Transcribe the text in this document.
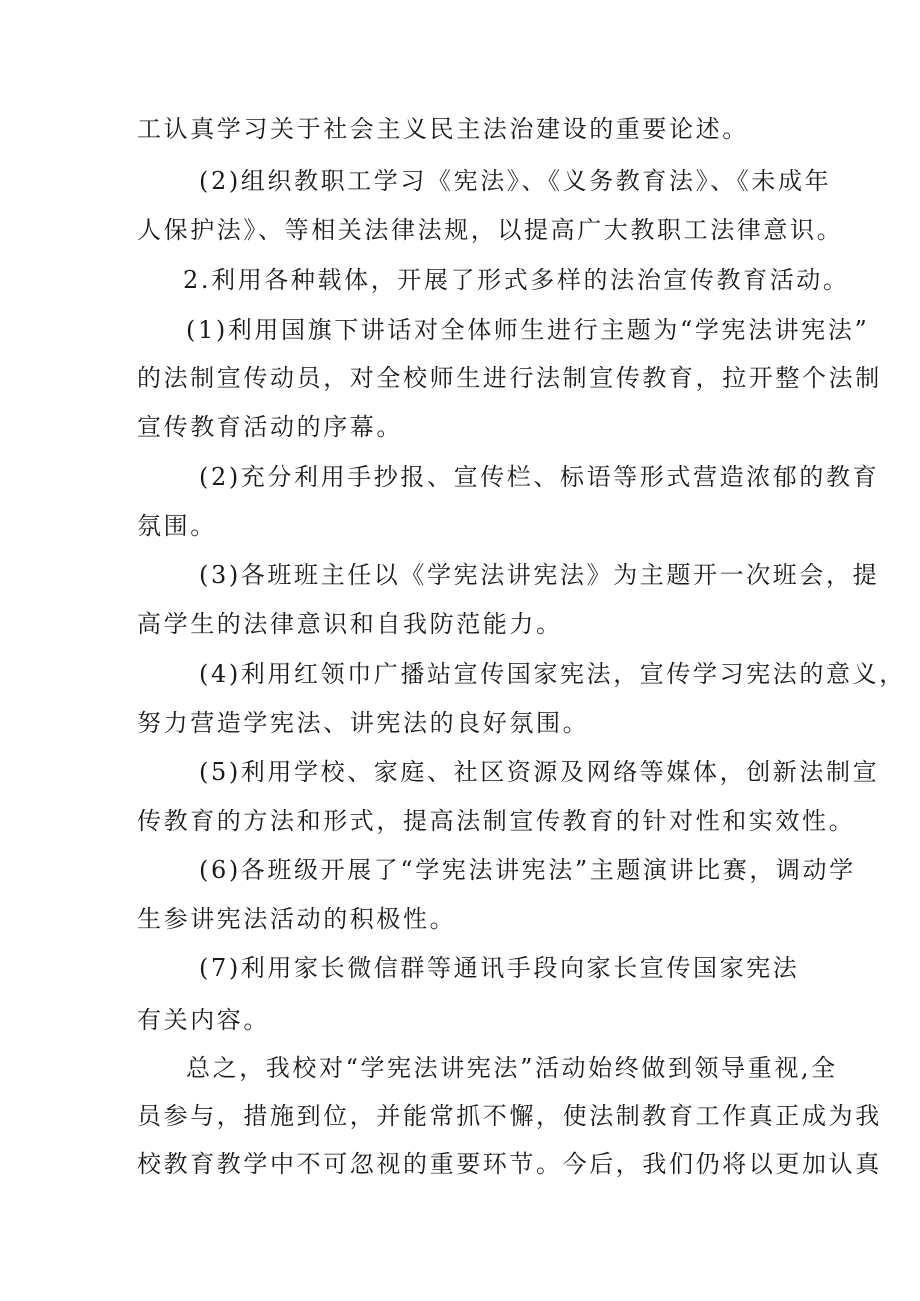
工认真学习关于社会主义民主法治建设的重要论述。
(2)组织教职工学习《宪法》、《义务教育法》、《未成年
人保护法》、等相关法律法规，以提高广大教职工法律意识。
2.利用各种载体，开展了形式多样的法治宣传教育活动。
(1)利用国旗下讲话对全体师生进行主题为“学宪法讲宪法”
的法制宣传动员，对全校师生进行法制宣传教育，拉开整个法制
宣传教育活动的序幕。
(2)充分利用手抄报、宣传栏、标语等形式营造浓郁的教育
氛围。
(3)各班班主任以《学宪法讲宪法》为主题开一次班会，提
高学生的法律意识和自我防范能力。
(4)利用红领巾广播站宣传国家宪法，宣传学习宪法的意义，
努力营造学宪法、讲宪法的良好氛围。
(5)利用学校、家庭、社区资源及网络等媒体，创新法制宣
传教育的方法和形式，提高法制宣传教育的针对性和实效性。
(6)各班级开展了“学宪法讲宪法”主题演讲比赛，调动学
生参讲宪法活动的积极性。
(7)利用家长微信群等通讯手段向家长宣传国家宪法
有关内容。
总之，我校对“学宪法讲宪法”活动始终做到领导重视,全
员参与，措施到位，并能常抓不懈，使法制教育工作真正成为我
校教育教学中不可忽视的重要环节。今后，我们仍将以更加认真
